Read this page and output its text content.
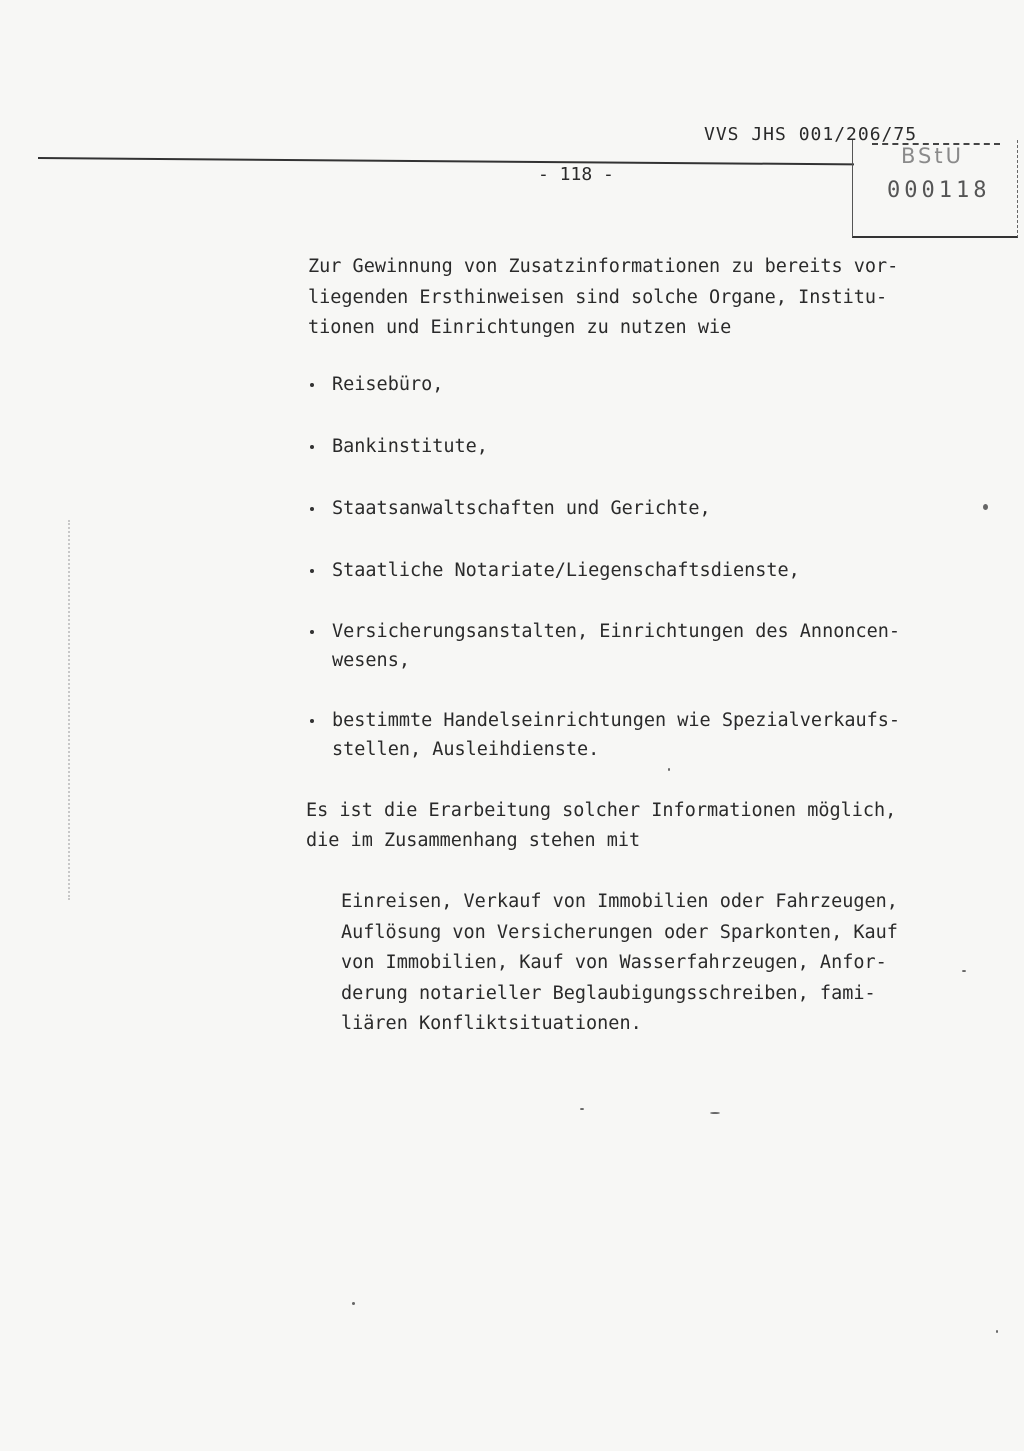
VVS JHS 001/206/75
- 118 -
BStU
000118
Zur Gewinnung von Zusatzinformationen zu bereits vor-
liegenden Ersthinweisen sind solche Organe, Institu-
tionen und Einrichtungen zu nutzen wie
Reisebüro,
Bankinstitute,
Staatsanwaltschaften und Gerichte,
Staatliche Notariate/Liegenschaftsdienste,
Versicherungsanstalten, Einrichtungen des Annoncen-
wesens,
bestimmte Handelseinrichtungen wie Spezialverkaufs-
stellen, Ausleihdienste.
Es ist die Erarbeitung solcher Informationen möglich,
die im Zusammenhang stehen mit
Einreisen, Verkauf von Immobilien oder Fahrzeugen,
Auflösung von Versicherungen oder Sparkonten, Kauf
von Immobilien, Kauf von Wasserfahrzeugen, Anfor-
derung notarieller Beglaubigungsschreiben, fami-
liären Konfliktsituationen.
